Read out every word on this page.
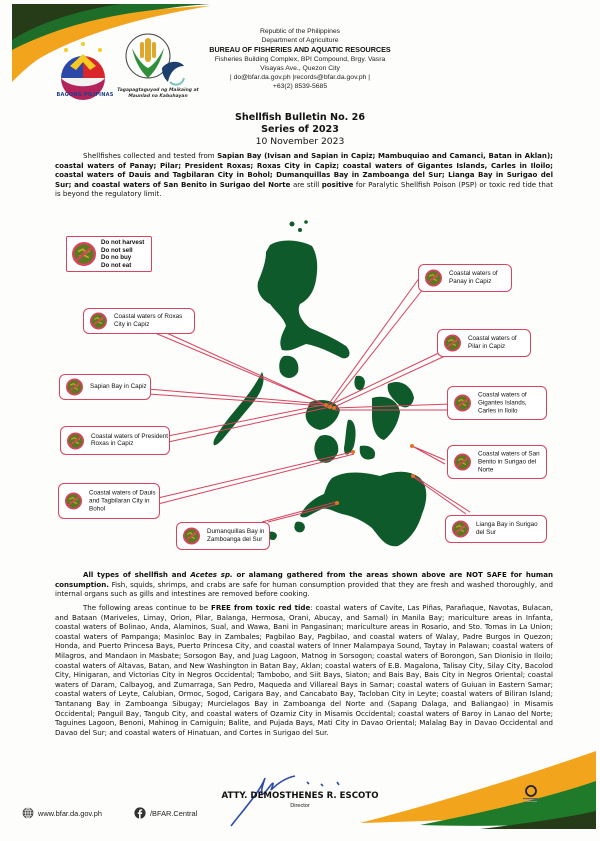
BAGONG PILIPINAS
Tagapagtaguyod ng Maikaing at
Maunlad na Kabuhayan
Republic of the Philippines
Department of Agriculture
BUREAU OF FISHERIES AND AQUATIC RESOURCES
Fisheries Building Complex, BPI Compound, Brgy. Vasra
Visayas Ave., Quezon City
| do@bfar.da.gov.ph |records@bfar.da.gov.ph |
+63(2) 8539-5685
Shellfish Bulletin No. 26
Series of 2023
10 November 2023
Shellfishes collected and tested from Sapian Bay (Ivisan and Sapian in Capiz; Mambuquiao and Camanci, Batan in Aklan); coastal waters of Panay; Pilar; President Roxas; Roxas City in Capiz; coastal waters of Gigantes Islands, Carles in Iloilo; coastal waters of Dauis and Tagbilaran City in Bohol; Dumanquillas Bay in Zamboanga del Sur; Lianga Bay in Surigao del Sur; and coastal waters of San Benito in Surigao del Norte are still positive for Paralytic Shellfish Poison (PSP) or toxic red tide that is beyond the regulatory limit.
Do not harvest
Do not sell
Do no buy
Do not eat
Coastal waters of Roxas City in Capiz
Coastal waters of Panay in Capiz
Coastal waters of Pilar in Capiz
Sapian Bay in Capiz
Coastal waters of Gigantes Islands, Carles in Iloilo
Coastal waters of President Roxas in Capiz
Coastal waters of San Benito in Surigao del Norte
Coastal waters of Dauis and Tagbilaran City in Bohol
Lianga Bay in Surigao del Sur
Dumanquillas Bay in Zamboanga del Sur
All types of shellfish and Acetes sp. or alamang gathered from the areas shown above are NOT SAFE for human consumption. Fish, squids, shrimps, and crabs are safe for human consumption provided that they are fresh and washed thoroughly, and internal organs such as gills and intestines are removed before cooking.
The following areas continue to be FREE from toxic red tide: coastal waters of Cavite, Las Piñas, Parañaque, Navotas, Bulacan, and Bataan (Mariveles, Limay, Orion, Pilar, Balanga, Hermosa, Orani, Abucay, and Samal) in Manila Bay; mariculture areas in Infanta, coastal waters of Bolinao, Anda, Alaminos, Sual, and Wawa, Bani in Pangasinan; mariculture areas in Rosario, and Sto. Tomas in La Union; coastal waters of Pampanga; Masinloc Bay in Zambales; Pagbilao Bay, Pagbilao, and coastal waters of Walay, Padre Burgos in Quezon; Honda, and Puerto Princesa Bays, Puerto Princesa City, and coastal waters of Inner Malampaya Sound, Taytay in Palawan; coastal waters of Milagros, and Mandaon in Masbate; Sorsogon Bay, and Juag Lagoon, Matnog in Sorsogon; coastal waters of Borongon, San Dionisio in Iloilo; coastal waters of Altavas, Batan, and New Washington in Batan Bay, Aklan; coastal waters of E.B. Magalona, Talisay City, Silay City, Bacolod City, Hinigaran, and Victorias City in Negros Occidental; Tambobo, and Siit Bays, Siaton; and Bais Bay, Bais City in Negros Oriental; coastal waters of Daram, Calbayog, and Zumarraga, San Pedro, Maqueda and Villareal Bays in Samar; coastal waters of Guiuan in Eastern Samar; coastal waters of Leyte, Calubian, Ormoc, Sogod, Carigara Bay, and Cancabato Bay, Tacloban City in Leyte; coastal waters of Biliran Island; Tantanang Bay in Zamboanga Sibugay; Murcielagos Bay in Zamboanga del Norte and (Sapang Dalaga, and Baliangao) in Misamis Occidental; Panguil Bay, Tangub City, and coastal waters of Ozamiz City in Misamis Occidental; coastal waters of Baroy in Lanao del Norte; Taguines Lagoon, Benoni, Mahinog in Camiguin; Balite, and Pujada Bays, Mati City in Davao Oriental; Malalag Bay in Davao Occidental and Davao del Sur; and coastal waters of Hinatuan, and Cortes in Surigao del Sur.
ATTY. DEMOSTHENES R. ESCOTO
Director
www.bfar.da.gov.ph	/BFAR.Central
